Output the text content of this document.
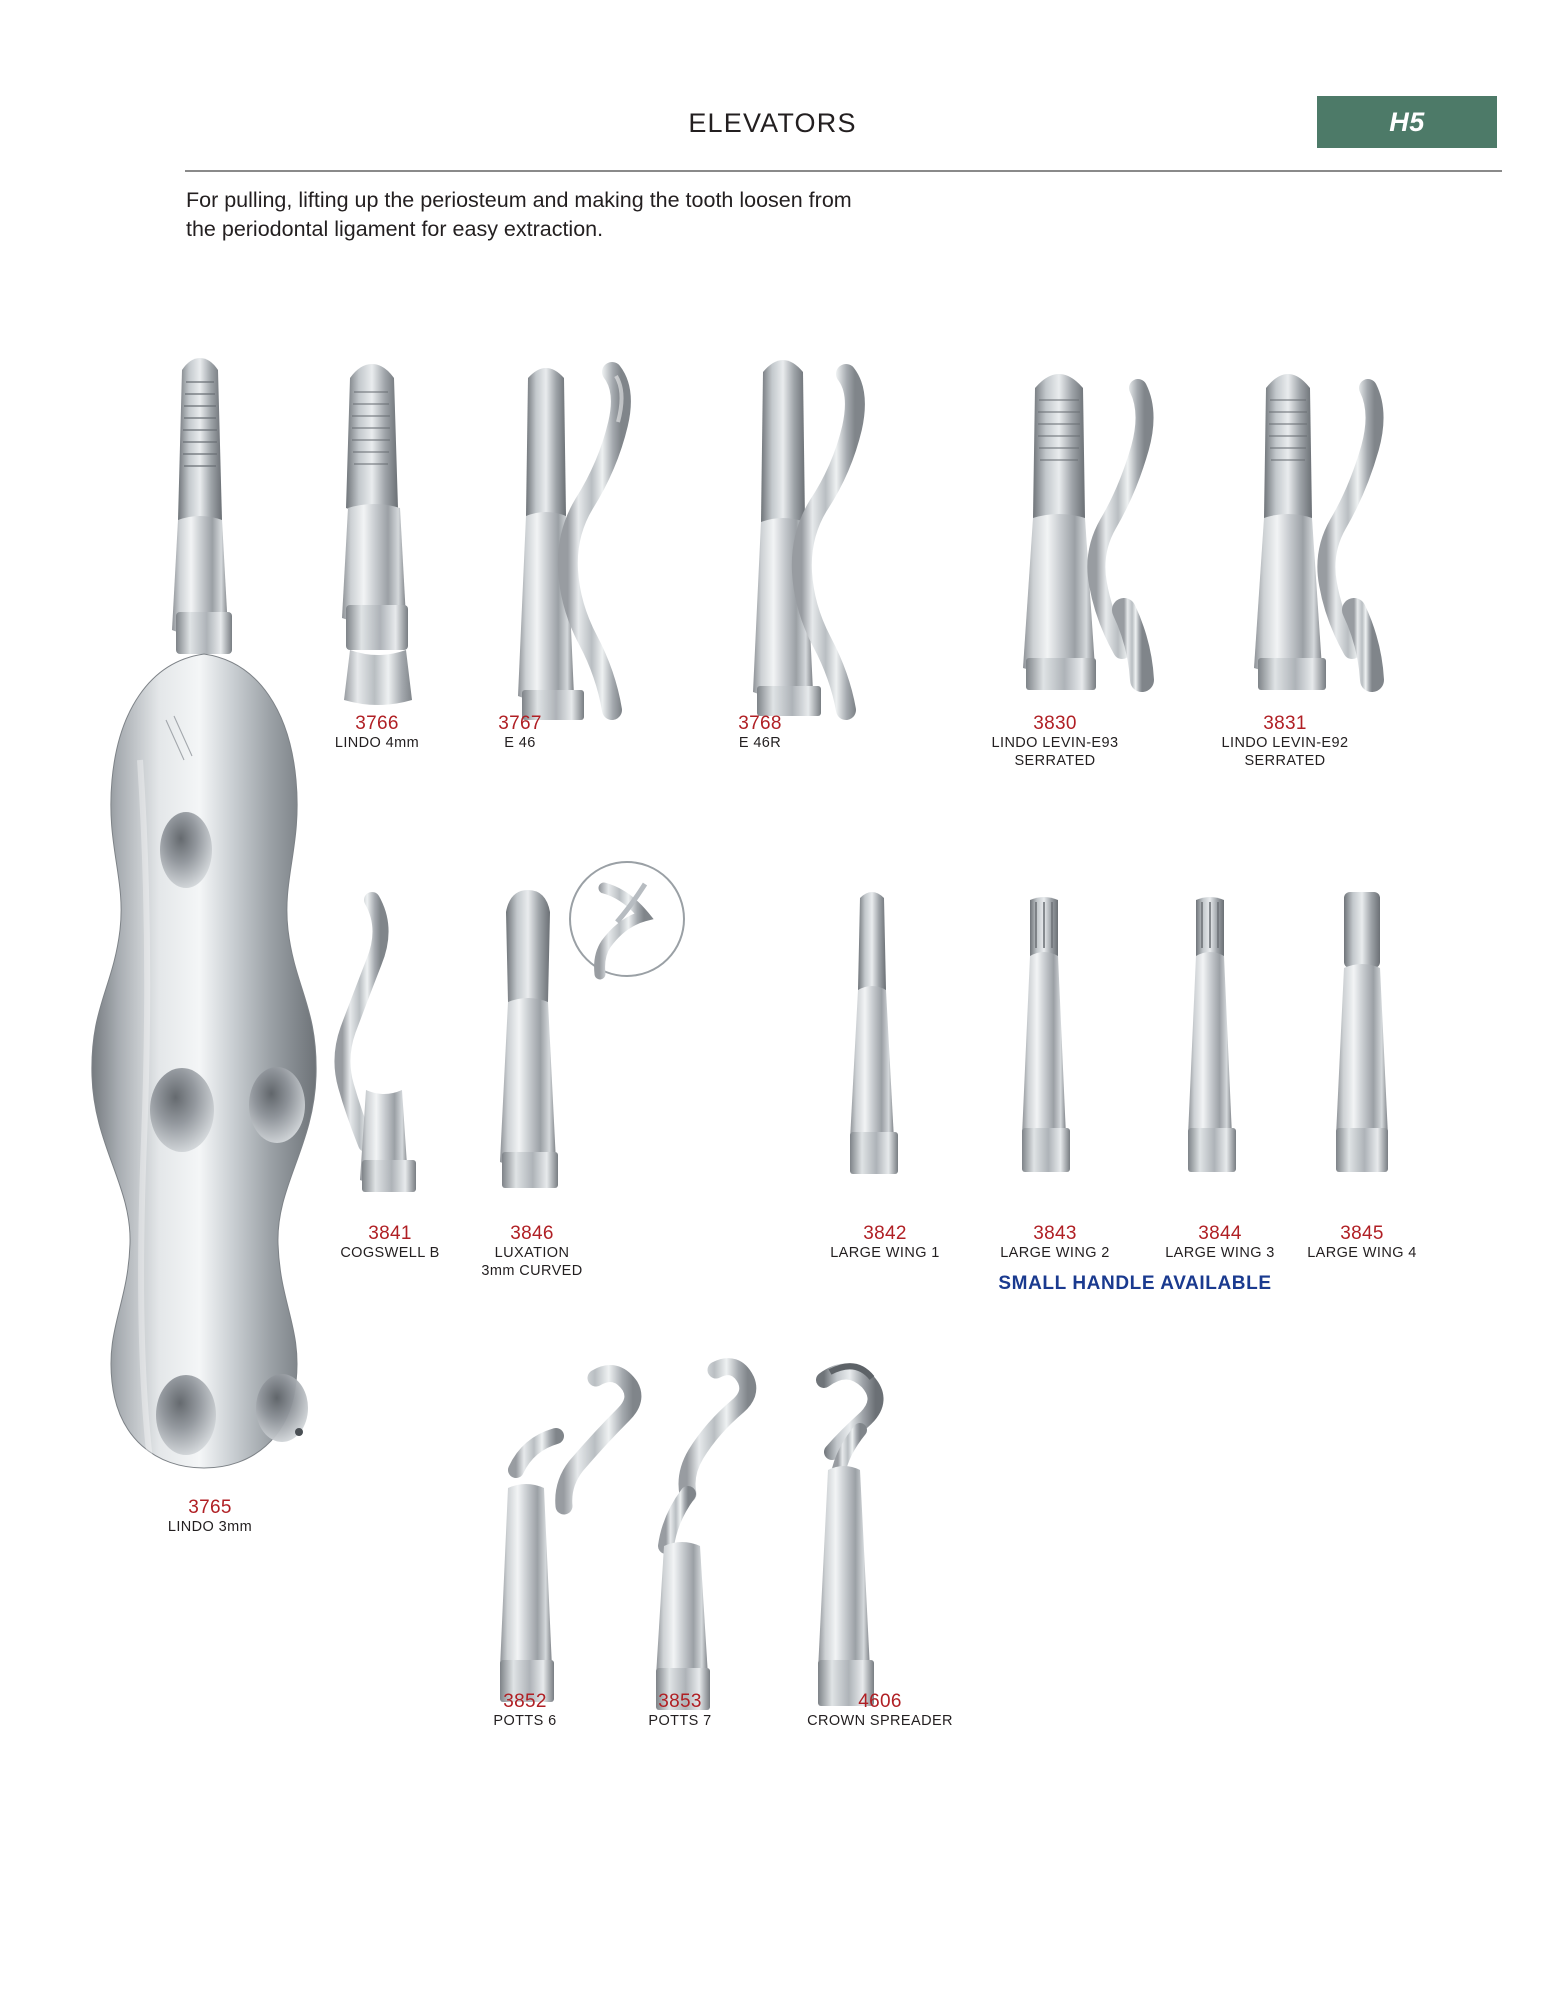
ELEVATORS	H5
For pulling, lifting up the periosteum and making the tooth loosen from
the periodontal ligament for easy extraction.
3765
LINDO 3mm
3766
LINDO 4mm
3767
E 46
3768
E 46R
3830
LINDO LEVIN-E93
SERRATED
3831
LINDO LEVIN-E92
SERRATED
3841
COGSWELL B
3846
LUXATION
3mm CURVED
3842
LARGE WING 1
3843
LARGE WING 2
3844
LARGE WING 3
3845
LARGE WING 4
SMALL HANDLE AVAILABLE
3852
POTTS 6
3853
POTTS 7
4606
CROWN SPREADER
